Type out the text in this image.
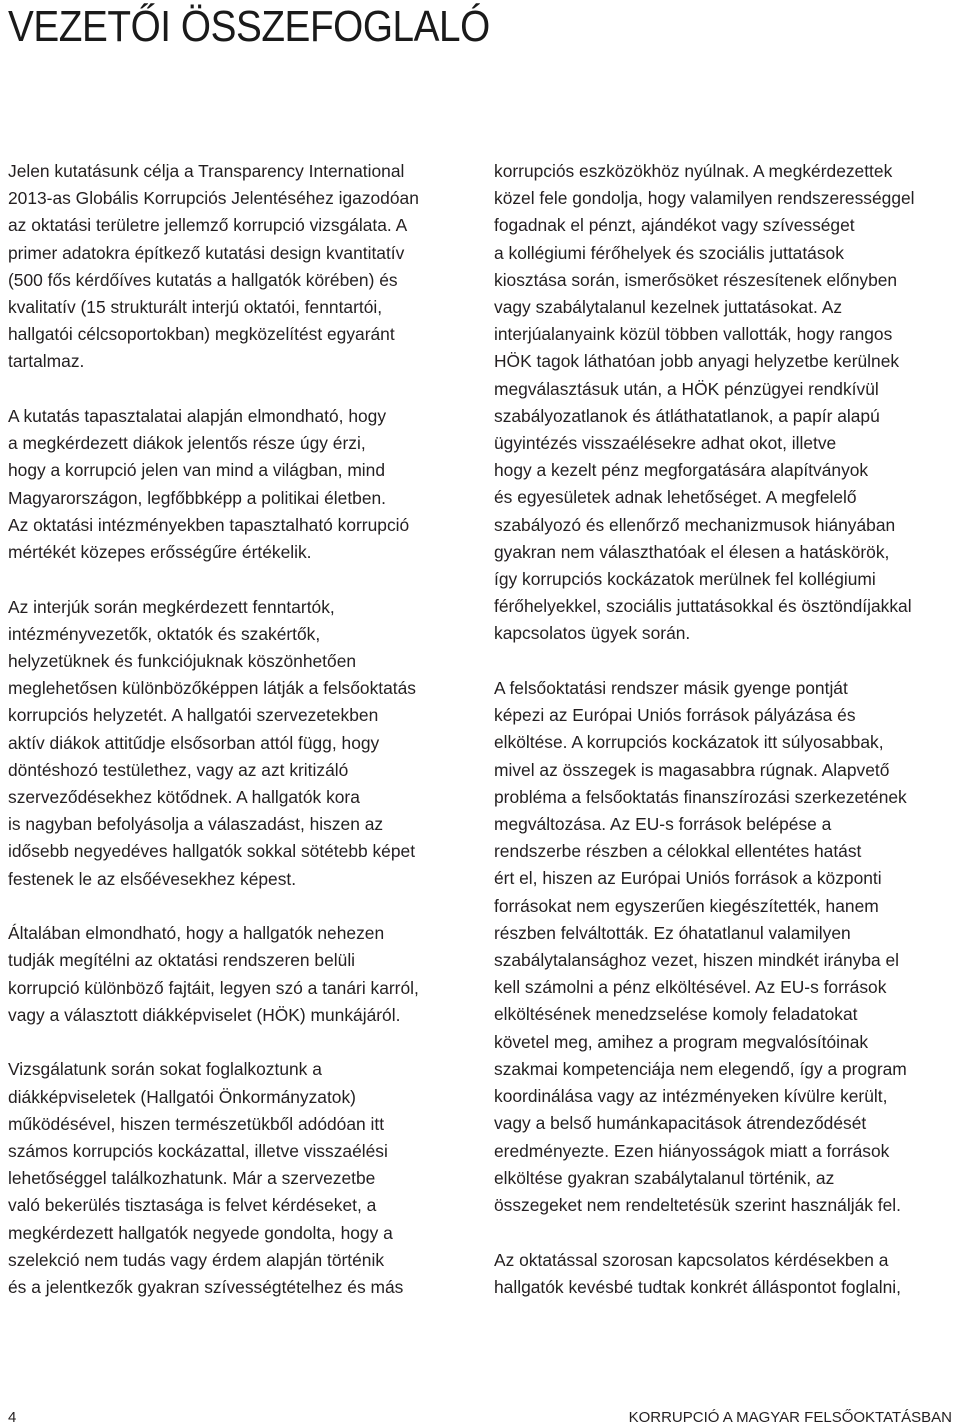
VEZETŐI ÖSSZEFOGLALÓ

Jelen kutatásunk célja a Transparency International
2013-as Globális Korrupciós Jelentéséhez igazodóan
az oktatási területre jellemző korrupció vizsgálata. A
primer adatokra építkező kutatási design kvantitatív
(500 fős kérdőíves kutatás a hallgatók körében) és
kvalitatív (15 strukturált interjú oktatói, fenntartói,
hallgatói célcsoportokban) megközelítést egyaránt
tartalmaz.

A kutatás tapasztalatai alapján elmondható, hogy
a megkérdezett diákok jelentős része úgy érzi,
hogy a korrupció jelen van mind a világban, mind
Magyarországon, legfőbbképp a politikai életben.
Az oktatási intézményekben tapasztalható korrupció
mértékét közepes erősségűre értékelik.

Az interjúk során megkérdezett fenntartók,
intézményvezetők, oktatók és szakértők,
helyzetüknek és funkciójuknak köszönhetően
meglehetősen különbözőképpen látják a felsőoktatás
korrupciós helyzetét. A hallgatói szervezetekben
aktív diákok attitűdje elsősorban attól függ, hogy
döntéshozó testülethez, vagy az azt kritizáló
szerveződésekhez kötődnek. A hallgatók kora
is nagyban befolyásolja a válaszadást, hiszen az
idősebb negyedéves hallgatók sokkal sötétebb képet
festenek le az elsőévesekhez képest.

Általában elmondható, hogy a hallgatók nehezen
tudják megítélni az oktatási rendszeren belüli
korrupció különböző fajtáit, legyen szó a tanári karról,
vagy a választott diákképviselet (HÖK) munkájáról.

Vizsgálatunk során sokat foglalkoztunk a
diákképviseletek (Hallgatói Önkormányzatok)
működésével, hiszen természetükből adódóan itt
számos korrupciós kockázattal, illetve visszaélési
lehetőséggel találkozhatunk. Már a szervezetbe
való bekerülés tisztasága is felvet kérdéseket, a
megkérdezett hallgatók negyede gondolta, hogy a
szelekció nem tudás vagy érdem alapján történik
és a jelentkezők gyakran szívességtételhez és más

korrupciós eszközökhöz nyúlnak. A megkérdezettek
közel fele gondolja, hogy valamilyen rendszerességgel
fogadnak el pénzt, ajándékot vagy szívességet
a kollégiumi férőhelyek és szociális juttatások
kiosztása során, ismerősöket részesítenek előnyben
vagy szabálytalanul kezelnek juttatásokat. Az
interjúalanyaink közül többen vallották, hogy rangos
HÖK tagok láthatóan jobb anyagi helyzetbe kerülnek
megválasztásuk után, a HÖK pénzügyei rendkívül
szabályozatlanok és átláthatatlanok, a papír alapú
ügyintézés visszaélésekre adhat okot, illetve
hogy a kezelt pénz megforgatására alapítványok
és egyesületek adnak lehetőséget. A megfelelő
szabályozó és ellenőrző mechanizmusok hiányában
gyakran nem választhatóak el élesen a hatáskörök,
így korrupciós kockázatok merülnek fel kollégiumi
férőhelyekkel, szociális juttatásokkal és ösztöndíjakkal
kapcsolatos ügyek során.

A felsőoktatási rendszer másik gyenge pontját
képezi az Európai Uniós források pályázása és
elköltése. A korrupciós kockázatok itt súlyosabbak,
mivel az összegek is magasabbra rúgnak. Alapvető
probléma a felsőoktatás finanszírozási szerkezetének
megváltozása. Az EU-s források belépése a
rendszerbe részben a célokkal ellentétes hatást
ért el, hiszen az Európai Uniós források a központi
forrásokat nem egyszerűen kiegészítették, hanem
részben felváltották. Ez óhatatlanul valamilyen
szabálytalansághoz vezet, hiszen mindkét irányba el
kell számolni a pénz elköltésével. Az EU-s források
elköltésének menedzselése komoly feladatokat
követel meg, amihez a program megvalósítóinak
szakmai kompetenciája nem elegendő, így a program
koordinálása vagy az intézményeken kívülre került,
vagy a belső humánkapacitások átrendeződését
eredményezte. Ezen hiányosságok miatt a források
elköltése gyakran szabálytalanul történik, az
összegeket nem rendeltetésük szerint használják fel.

Az oktatással szorosan kapcsolatos kérdésekben a
hallgatók kevésbé tudtak konkrét álláspontot foglalni,

4	KORRUPCIÓ A MAGYAR FELSŐOKTATÁSBAN
